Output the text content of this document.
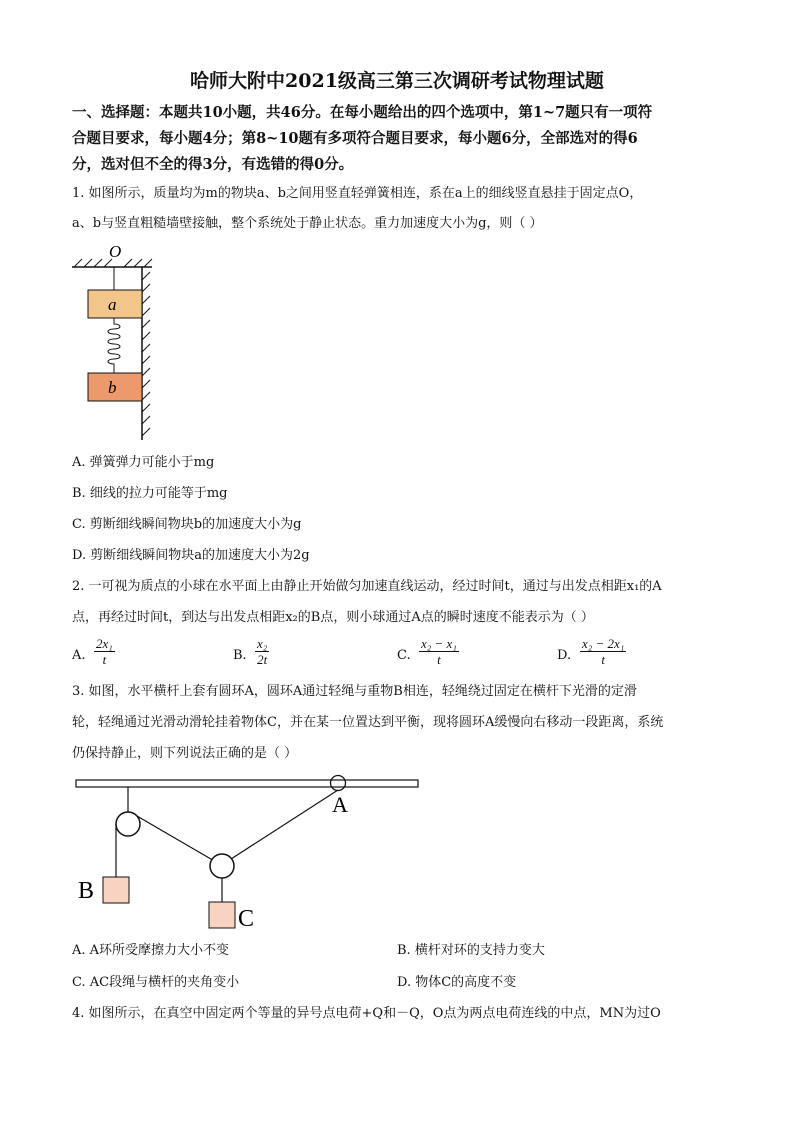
哈师大附中2021级高三第三次调研考试物理试题
一、选择题：本题共10小题，共46分。在每小题给出的四个选项中，第1~7题只有一项符
合题目要求，每小题4分；第8~10题有多项符合题目要求，每小题6分，全部选对的得6
分，选对但不全的得3分，有选错的得0分。
1. 如图所示，质量均为m的物块a、b之间用竖直轻弹簧相连，系在a上的细线竖直悬挂于固定点O，
a、b与竖直粗糙墙壁接触，整个系统处于静止状态。重力加速度大小为g，则（ ）
O
a
b
A. 弹簧弹力可能小于mg
B. 细线的拉力可能等于mg
C. 剪断细线瞬间物块b的加速度大小为g
D. 剪断细线瞬间物块a的加速度大小为2g
2. 一可视为质点的小球在水平面上由静止开始做匀加速直线运动，经过时间t，通过与出发点相距x₁的A
点，再经过时间t，到达与出发点相距x₂的B点，则小球通过A点的瞬时速度不能表示为（ ）
A. $\frac{\text{2x₁}}{t}$	B. $\frac{\text{x₂}}{2t}$	C. $\frac{\text{x₂ − x₁}}{t}$	D. $\frac{\text{x₂ − 2x₁}}{t}$
3. 如图，水平横杆上套有圆环A，圆环A通过轻绳与重物B相连，轻绳绕过固定在横杆下光滑的定滑
轮，轻绳通过光滑动滑轮挂着物体C，并在某一位置达到平衡，现将圆环A缓慢向右移动一段距离，系统
仍保持静止，则下列说法正确的是（ ）
A
B
C
A. A环所受摩擦力大小不变	B. 横杆对环的支持力变大
C. AC段绳与横杆的夹角变小	D. 物体C的高度不变
4. 如图所示，在真空中固定两个等量的异号点电荷+Q和－Q，O点为两点电荷连线的中点，MN为过O
